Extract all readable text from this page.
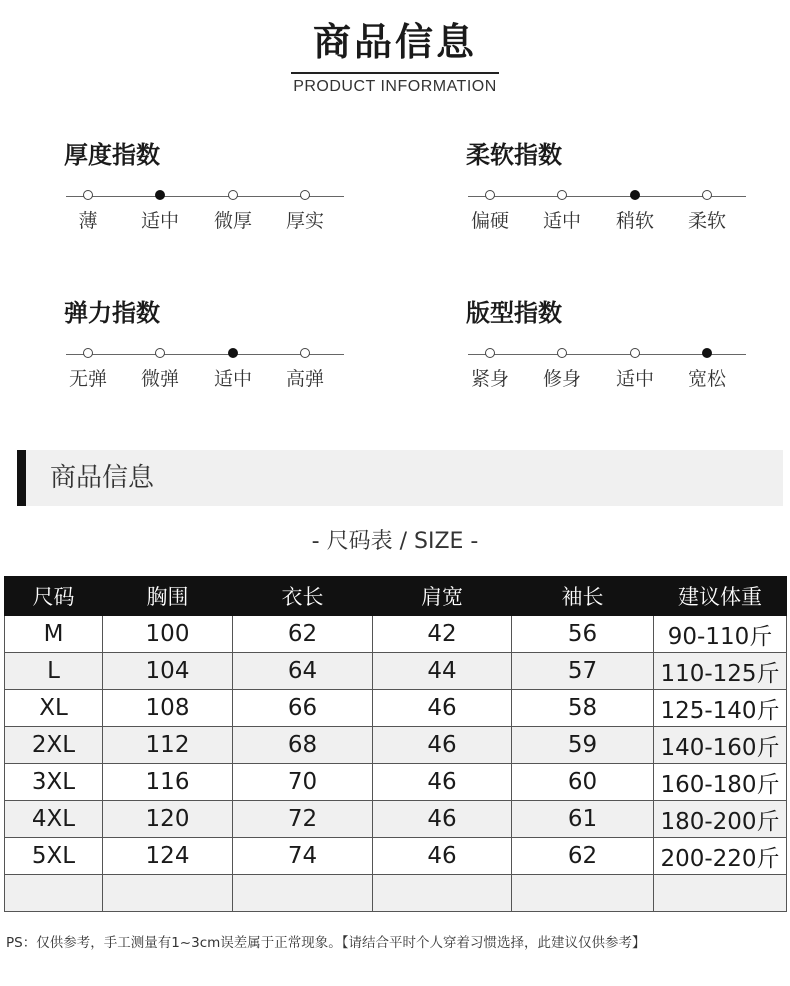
商品信息
PRODUCT INFORMATION
厚度指数
薄	适中	微厚	厚实
柔软指数
偏硬	适中	稍软	柔软
弹力指数
无弹	微弹	适中	高弹
版型指数
紧身	修身	适中	宽松
商品信息
- 尺码表 / SIZE -
尺码	胸围	衣长	肩宽	袖长	建议体重
M	100	62	42	56	90-110斤
L	104	64	44	57	110-125斤
XL	108	66	46	58	125-140斤
2XL	112	68	46	59	140-160斤
3XL	116	70	46	60	160-180斤
4XL	120	72	46	61	180-200斤
5XL	124	74	46	62	200-220斤

PS：仅供参考，手工测量有1~3cm误差属于正常现象。【请结合平时个人穿着习惯选择，此建议仅供参考】
